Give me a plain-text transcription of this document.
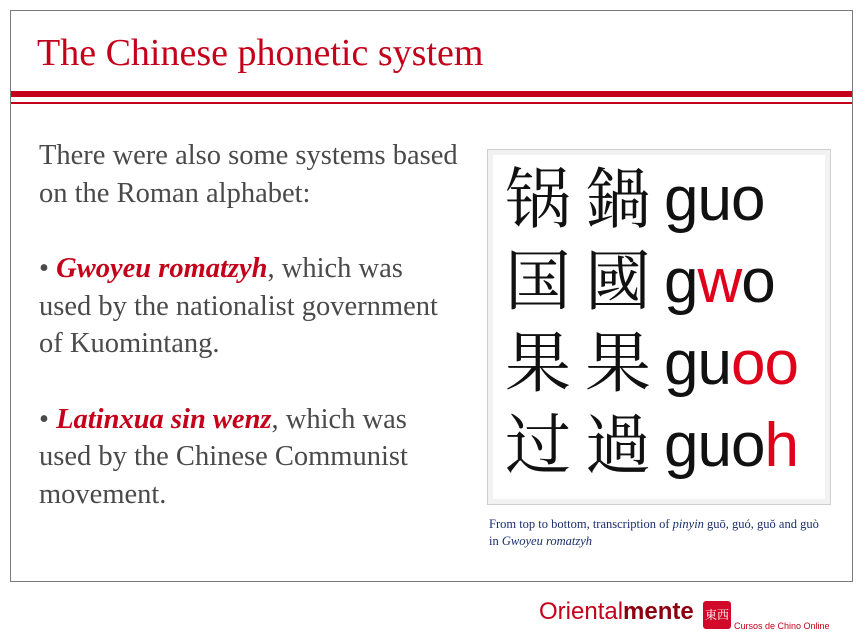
The Chinese phonetic system

There were also some systems based on the Roman alphabet:

• Gwoyeu romatzyh, which was used by the nationalist government of Kuomintang.

• Latinxua sin wenz, which was used by the Chinese Communist movement.

锅 鍋 guo
国 國 gwo
果 果 guoo
过 過 guoh
From top to bottom, transcription of pinyin guō, guó, guǒ and guò in Gwoyeu romatzyh
Orientalmente 東西
Cursos de Chino Online
